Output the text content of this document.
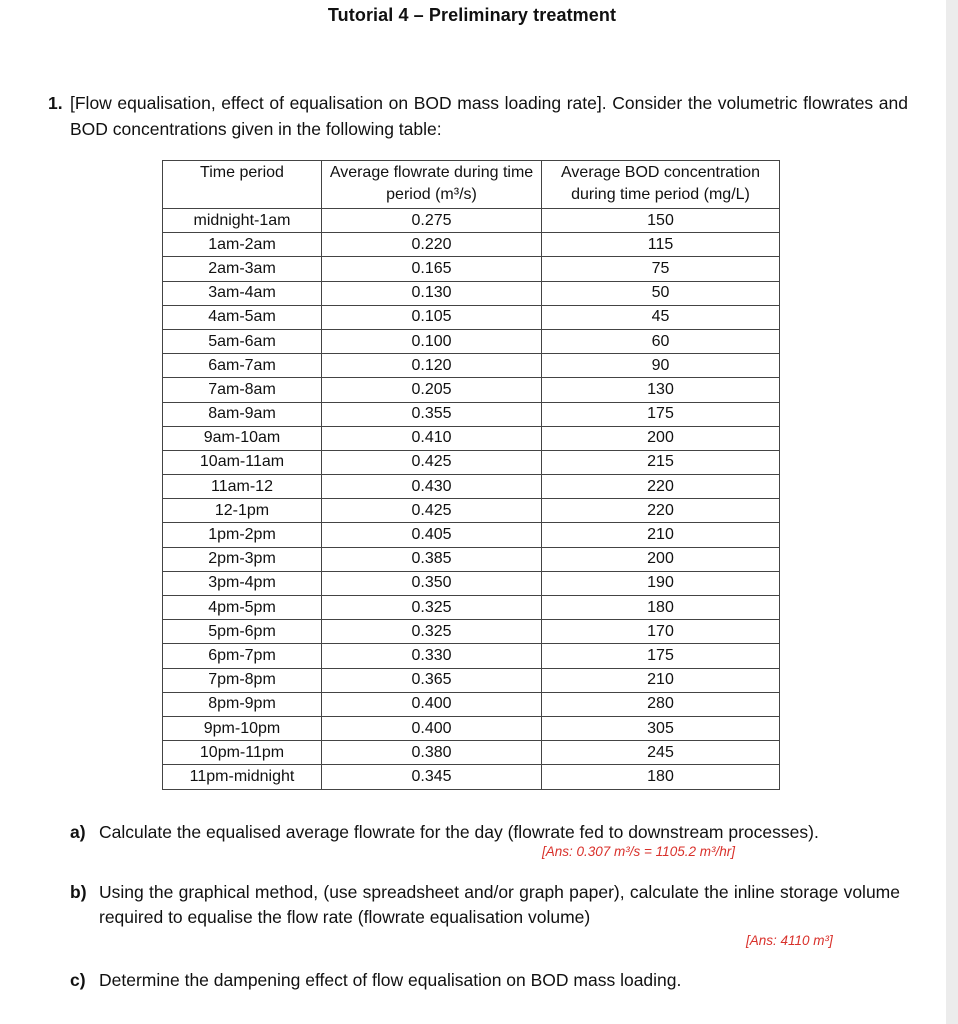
Tutorial 4 – Preliminary treatment
1. [Flow equalisation, effect of equalisation on BOD mass loading rate]. Consider the volumetric flowrates and BOD concentrations given in the following table:
Time period	Average flowrate during time period (m³/s)	Average BOD concentration during time period (mg/L)
midnight-1am	0.275	150
1am-2am	0.220	115
2am-3am	0.165	75
3am-4am	0.130	50
4am-5am	0.105	45
5am-6am	0.100	60
6am-7am	0.120	90
7am-8am	0.205	130
8am-9am	0.355	175
9am-10am	0.410	200
10am-11am	0.425	215
11am-12	0.430	220
12-1pm	0.425	220
1pm-2pm	0.405	210
2pm-3pm	0.385	200
3pm-4pm	0.350	190
4pm-5pm	0.325	180
5pm-6pm	0.325	170
6pm-7pm	0.330	175
7pm-8pm	0.365	210
8pm-9pm	0.400	280
9pm-10pm	0.400	305
10pm-11pm	0.380	245
11pm-midnight	0.345	180
a) Calculate the equalised average flowrate for the day (flowrate fed to downstream processes).
[Ans: 0.307 m³/s = 1105.2 m³/hr]
b) Using the graphical method, (use spreadsheet and/or graph paper), calculate the inline storage volume required to equalise the flow rate (flowrate equalisation volume)
[Ans: 4110 m³]
c) Determine the dampening effect of flow equalisation on BOD mass loading.
